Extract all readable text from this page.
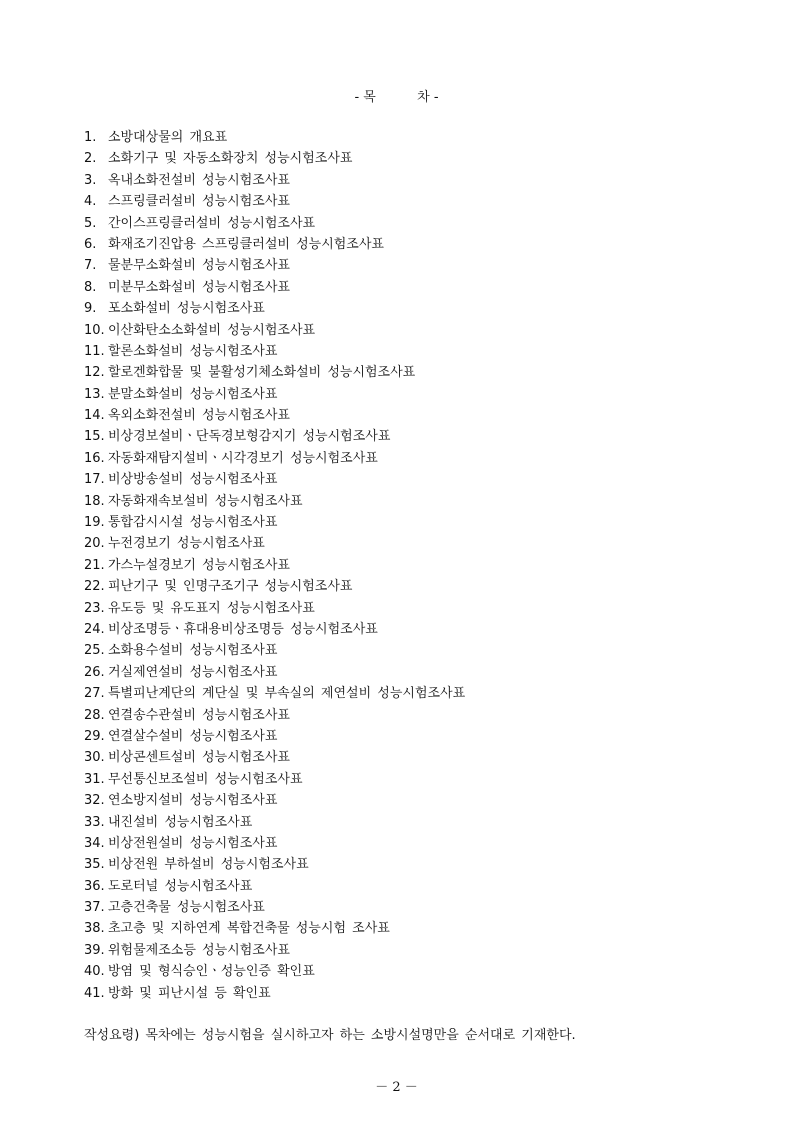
- 목          차 -
1. 소방대상물의 개요표
2. 소화기구 및 자동소화장치 성능시험조사표
3. 옥내소화전설비 성능시험조사표
4. 스프링클러설비 성능시험조사표
5. 간이스프링클러설비 성능시험조사표
6. 화재조기진압용 스프링클러설비 성능시험조사표
7. 물분무소화설비 성능시험조사표
8. 미분무소화설비 성능시험조사표
9. 포소화설비 성능시험조사표
10. 이산화탄소소화설비 성능시험조사표
11. 할론소화설비 성능시험조사표
12. 할로겐화합물 및 불활성기체소화설비 성능시험조사표
13. 분말소화설비 성능시험조사표
14. 옥외소화전설비 성능시험조사표
15. 비상경보설비ㆍ단독경보형감지기 성능시험조사표
16. 자동화재탐지설비ㆍ시각경보기 성능시험조사표
17. 비상방송설비 성능시험조사표
18. 자동화재속보설비 성능시험조사표
19. 통합감시시설 성능시험조사표
20. 누전경보기 성능시험조사표
21. 가스누설경보기 성능시험조사표
22. 피난기구 및 인명구조기구 성능시험조사표
23. 유도등 및 유도표지 성능시험조사표
24. 비상조명등ㆍ휴대용비상조명등 성능시험조사표
25. 소화용수설비 성능시험조사표
26. 거실제연설비 성능시험조사표
27. 특별피난계단의 계단실 및 부속실의 제연설비 성능시험조사표
28. 연결송수관설비 성능시험조사표
29. 연결살수설비 성능시험조사표
30. 비상콘센트설비 성능시험조사표
31. 무선통신보조설비 성능시험조사표
32. 연소방지설비 성능시험조사표
33. 내진설비 성능시험조사표
34. 비상전원설비 성능시험조사표
35. 비상전원 부하설비 성능시험조사표
36. 도로터널 성능시험조사표
37. 고층건축물 성능시험조사표
38. 초고층 및 지하연계 복합건축물 성능시험 조사표
39. 위험물제조소등 성능시험조사표
40. 방염 및 형식승인ㆍ성능인증 확인표
41. 방화 및 피난시설 등 확인표
작성요령) 목차에는 성능시험을 실시하고자 하는 소방시설명만을 순서대로 기재한다.
－ 2 －
